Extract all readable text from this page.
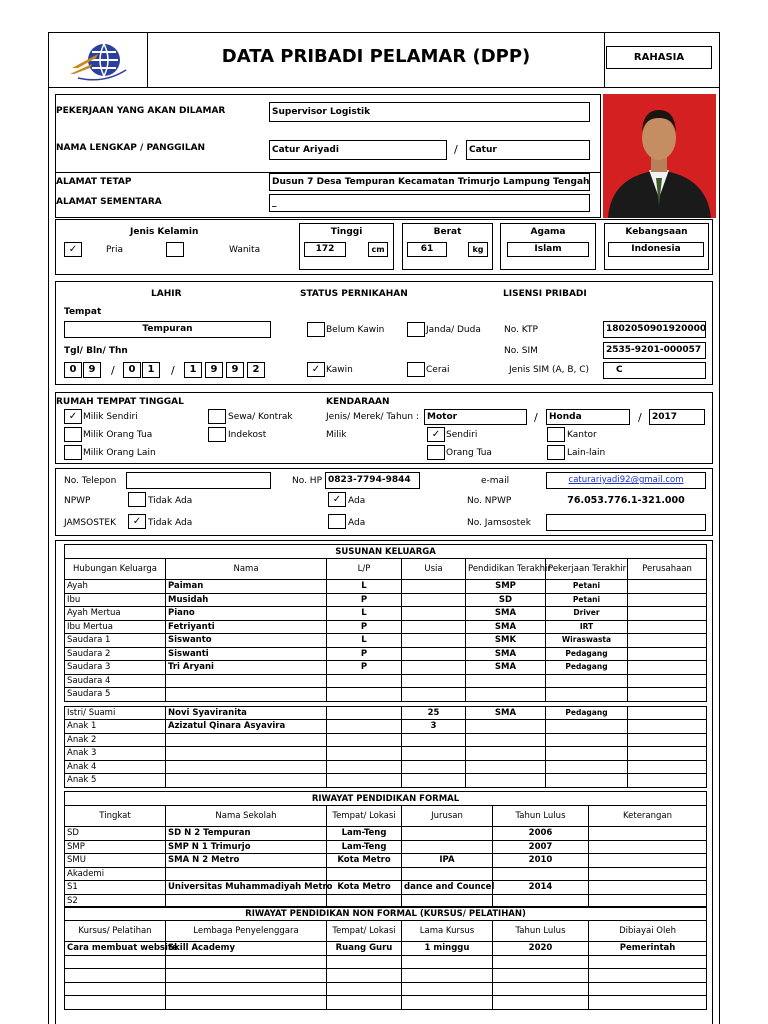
DATA PRIBADI PELAMAR (DPP)	RAHASIA
PEKERJAAN YANG AKAN DILAMAR	Supervisor Logistik
NAMA LENGKAP / PANGGILAN	Catur Ariyadi	/	Catur
ALAMAT TETAP	Dusun 7 Desa Tempuran Kecamatan Trimurjo Lampung Tengah
ALAMAT SEMENTARA	_
Jenis Kelamin
✓	Pria	Wanita
Tinggi
172	cm
Berat
61	kg
Agama
Islam
Kebangsaan
Indonesia
LAHIR
Tempat
Tempuran
Tgl/ Bln/ Thn
0	9	/	0	1	/	1	9	9	2
STATUS PERNIKAHAN
Belum Kawin	Janda/ Duda
✓ Kawin	Cerai
LISENSI PRIBADI
No. KTP	1802050901920000
No. SIM	2535-9201-000057
Jenis SIM (A, B, C)	C
RUMAH TEMPAT TINGGAL
✓ Milik Sendiri	Sewa/ Kontrak
Milik Orang Tua	Indekost
Milik Orang Lain
KENDARAAN
Jenis/ Merek/ Tahun : Motor	/	Honda	/	2017
Milik	✓ Sendiri	Kantor
Orang Tua	Lain-lain
No. Telepon	No. HP 0823-7794-9844	e-mail	caturariyadi92@gmail.com
NPWP	Tidak Ada	✓ Ada	No. NPWP	76.053.776.1-321.000
JAMSOSTEK	✓ Tidak Ada	Ada	No. Jamsostek
SUSUNAN KELUARGA						
Hubungan Keluarga	Nama	L/P	Usia	Pendidikan Terakhir	Pekerjaan Terakhir	Perusahaan
Ayah	Paiman	L		SMP	Petani	
Ibu	Musidah	P		SD	Petani	
Ayah Mertua	Piano	L		SMA	Driver	
Ibu Mertua	Fetriyanti	P		SMA	IRT	
Saudara 1	Siswanto	L		SMK	Wiraswasta	
Saudara 2	Siswanti	P		SMA	Pedagang	
Saudara 3	Tri Aryani	P		SMA	Pedagang	
Saudara 4						
Saudara 5						

Istri/ Suami	Novi Syaviranita		25	SMA	Pedagang	
Anak 1	Azizatul Qinara Asyavira		3			
Anak 2						
Anak 3						
Anak 4						
Anak 5						
RIWAYAT PENDIDIKAN FORMAL					
Tingkat	Nama Sekolah	Tempat/ Lokasi	Jurusan	Tahun Lulus	Keterangan
SD	SD N 2 Tempuran	Lam-Teng		2006	
SMP	SMP N 1 Trimurjo	Lam-Teng		2007	
SMU	SMA N 2 Metro	Kota Metro	IPA	2010	
Akademi					
S1	Universitas Muhammadiyah Metro	Kota Metro	dance and Councel	2014	
S2					
RIWAYAT PENDIDIKAN NON FORMAL (KURSUS/ PELATIHAN)					
Kursus/ Pelatihan	Lembaga Penyelenggara	Tempat/ Lokasi	Lama Kursus	Tahun Lulus	Dibiayai Oleh
Cara membuat website	Skill Academy	Ruang Guru	1 minggu	2020	Pemerintah
